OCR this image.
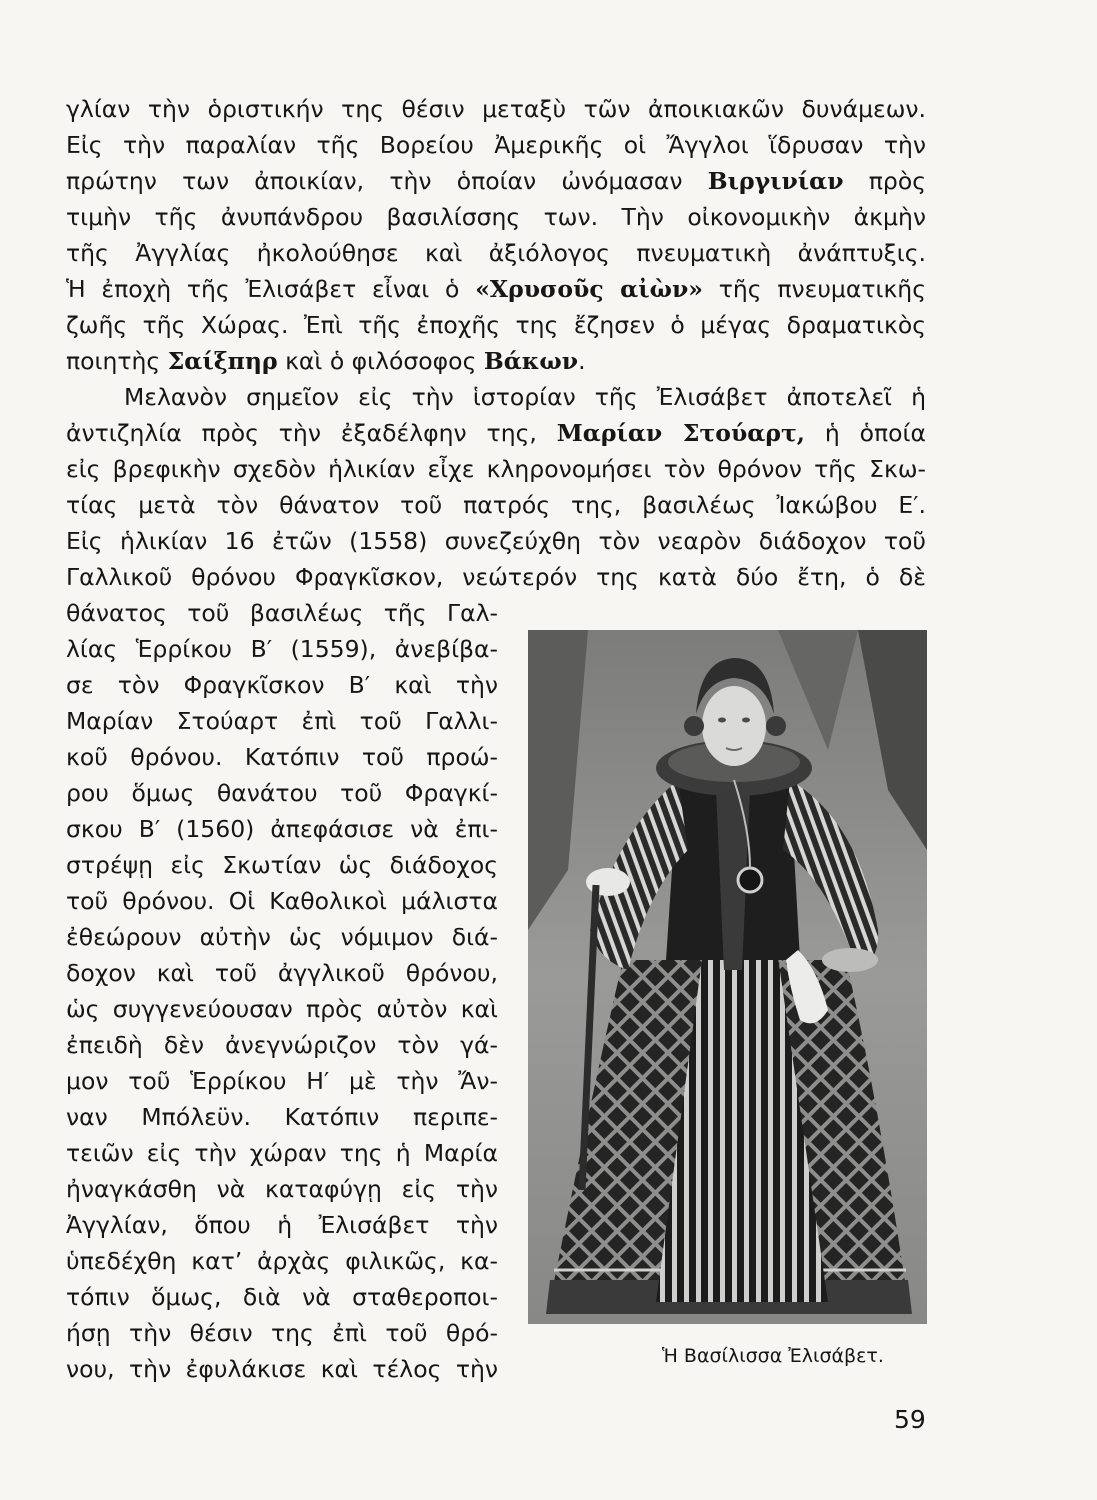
γλίαν τὴν ὁριστικήν της θέσιν μεταξὺ τῶν ἀποικιακῶν δυνάμεων.
Εἰς τὴν παραλίαν τῆς Βορείου Ἀμερικῆς οἱ Ἄγγλοι ἵδρυσαν τὴν
πρώτην των ἀποικίαν, τὴν ὁποίαν ὠνόμασαν Βιργινίαν πρὸς
τιμὴν τῆς ἀνυπάνδρου βασιλίσσης των. Τὴν οἰκονομικὴν ἀκμὴν
τῆς Ἀγγλίας ἠκολούθησε καὶ ἀξιόλογος πνευματικὴ ἀνάπτυξις.
Ἡ ἐποχὴ τῆς Ἐλισάβετ εἶναι ὁ «Χρυσοῦς αἰὼν» τῆς πνευματικῆς
ζωῆς τῆς Χώρας. Ἐπὶ τῆς ἐποχῆς της ἔζησεν ὁ μέγας δραματικὸς
ποιητὴς Σαίξπηρ καὶ ὁ φιλόσοφος Βάκων.
Μελανὸν σημεῖον εἰς τὴν ἱστορίαν τῆς Ἐλισάβετ ἀποτελεῖ ἡ
ἀντιζηλία πρὸς τὴν ἐξαδέλφην της, Μαρίαν Στούαρτ, ἡ ὁποία
εἰς βρεφικὴν σχεδὸν ἡλικίαν εἶχε κληρονομήσει τὸν θρόνον τῆς Σκω-
τίας μετὰ τὸν θάνατον τοῦ πατρός της, βασιλέως Ἰακώβου Ε′.
Εἰς ἡλικίαν 16 ἐτῶν (1558) συνεζεύχθη τὸν νεαρὸν διάδοχον τοῦ
Γαλλικοῦ θρόνου Φραγκῖσκον, νεώτερόν της κατὰ δύο ἔτη, ὁ δὲ
θάνατος τοῦ βασιλέως τῆς Γαλ-
λίας Ἑρρίκου Β′ (1559), ἀνεβίβα-
σε τὸν Φραγκῖσκον Β′ καὶ τὴν
Μαρίαν Στούαρτ ἐπὶ τοῦ Γαλλι-
κοῦ θρόνου. Κατόπιν τοῦ προώ-
ρου ὅμως θανάτου τοῦ Φραγκί-
σκου Β′ (1560) ἀπεφάσισε νὰ ἐπι-
στρέψῃ εἰς Σκωτίαν ὡς διάδοχος
τοῦ θρόνου. Οἱ Καθολικοὶ μάλιστα
ἐθεώρουν αὐτὴν ὡς νόμιμον διά-
δοχον καὶ τοῦ ἀγγλικοῦ θρόνου,
ὡς συγγενεύουσαν πρὸς αὐτὸν καὶ
ἐπειδὴ δὲν ἀνεγνώριζον τὸν γά-
μον τοῦ Ἑρρίκου Η′ μὲ τὴν Ἄν-
ναν Μπόλεϋν. Κατόπιν περιπε-
τειῶν εἰς τὴν χώραν της ἡ Μαρία
ἠναγκάσθη νὰ καταφύγῃ εἰς τὴν
Ἀγγλίαν, ὅπου ἡ Ἐλισάβετ τὴν
ὑπεδέχθη κατ’ ἀρχὰς φιλικῶς, κα-
τόπιν ὅμως, διὰ νὰ σταθεροποι-
ήσῃ τὴν θέσιν της ἐπὶ τοῦ θρό-
νου, τὴν ἐφυλάκισε καὶ τέλος τὴν	Ἡ Βασίλισσα Ἐλισάβετ.
59
